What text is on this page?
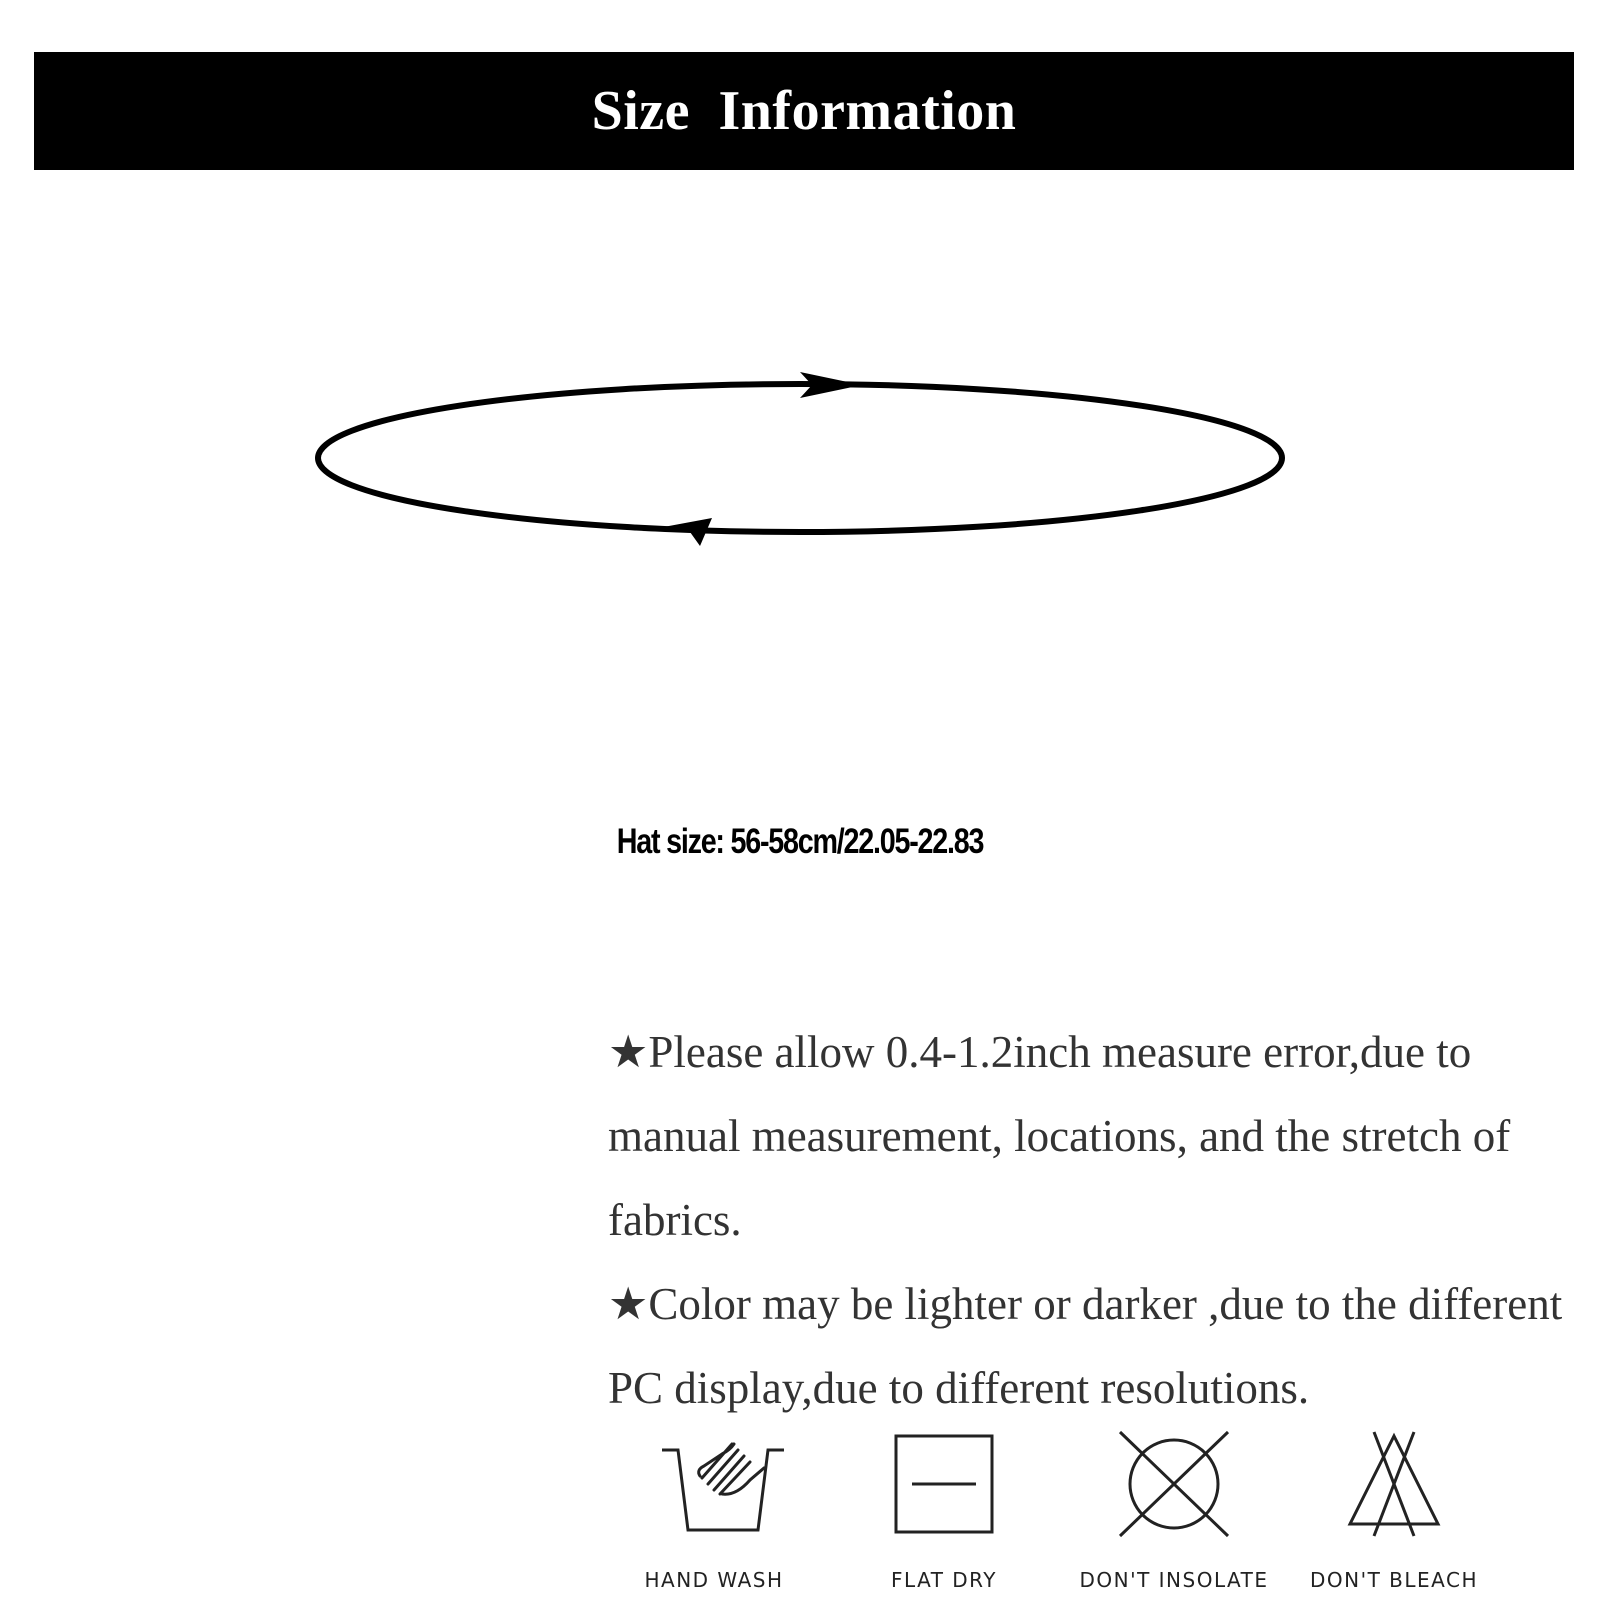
Size Information
Hat size: 56-58cm/22.05-22.83

★Please allow 0.4-1.2inch measure error,due to manual measurement, locations, and the stretch of fabrics.

★Color may be lighter or darker ,due to the different PC display,due to different resolutions.

HAND WASH	FLAT DRY	DON'T INSOLATE	DON'T BLEACH
